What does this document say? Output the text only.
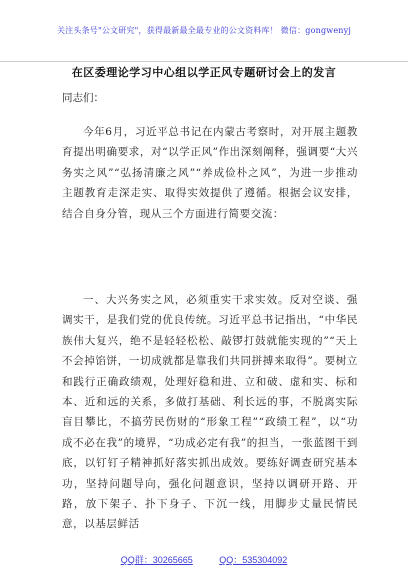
关注头条号"公文研究"，获得最新最全最专业的公文资料库！ 微信：gongwenyj
在区委理论学习中心组以学正风专题研讨会上的发言
同志们：
今年6月，习近平总书记在内蒙古考察时，对开展主题教育提出明确要求，对“以学正风”作出深刻阐释，强调要“大兴务实之风”“弘扬清廉之风”“养成俭朴之风”，为进一步推动主题教育走深走实、取得实效提供了遵循。根据会议安排，结合自身分管，现从三个方面进行简要交流：
一、大兴务实之风，必须重实干求实效。反对空谈、强调实干，是我们党的优良传统。习近平总书记指出，“中华民族伟大复兴，绝不是轻轻松松、敲锣打鼓就能实现的”“天上不会掉馅饼，一切成就都是靠我们共同拼搏来取得”。要树立和践行正确政绩观，处理好稳和进、立和破、虚和实、标和本、近和远的关系，多做打基础、利长远的事，不脱离实际盲目攀比，不搞劳民伤财的“形象工程”“政绩工程”，以“功成不必在我”的境界，“功成必定有我”的担当，一张蓝图干到底，以钉钉子精神抓好落实抓出成效。要练好调查研究基本功，坚持问题导向，强化问题意识，坚持以调研开路、开路，放下架子、扑下身子、下沉一线，用脚步丈量民情民意，以基层鲜活
QQ群：30265665	QQ：535304092
